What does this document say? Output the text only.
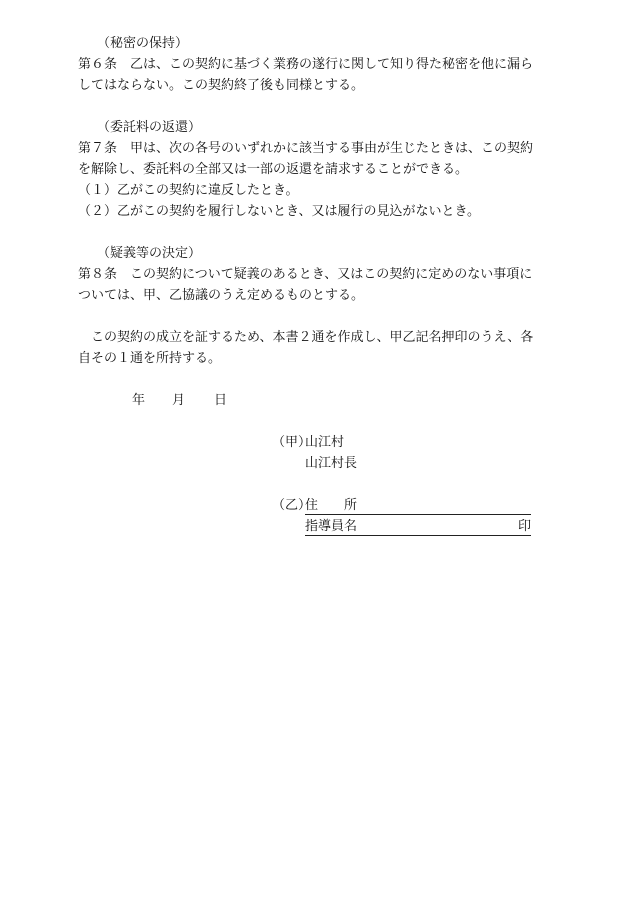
（秘密の保持）

第６条　乙は、この契約に基づく業務の遂行に関して知り得た秘密を他に漏ら

してはならない。この契約終了後も同様とする。

（委託料の返還）

第７条　甲は、次の各号のいずれかに該当する事由が生じたときは、この契約

を解除し、委託料の全部又は一部の返還を請求することができる。

（１）乙がこの契約に違反したとき。

（２）乙がこの契約を履行しないとき、又は履行の見込がないとき。

（疑義等の決定）

第８条　この契約について疑義のあるとき、又はこの契約に定めのない事項に

ついては、甲、乙協議のうえ定めるものとする。

　この契約の成立を証するため、本書２通を作成し、甲乙記名押印のうえ、各

自その１通を所持する。

年 月 日
（甲）
山江村
山江村長
（乙）
住　　所
指導員名	印
